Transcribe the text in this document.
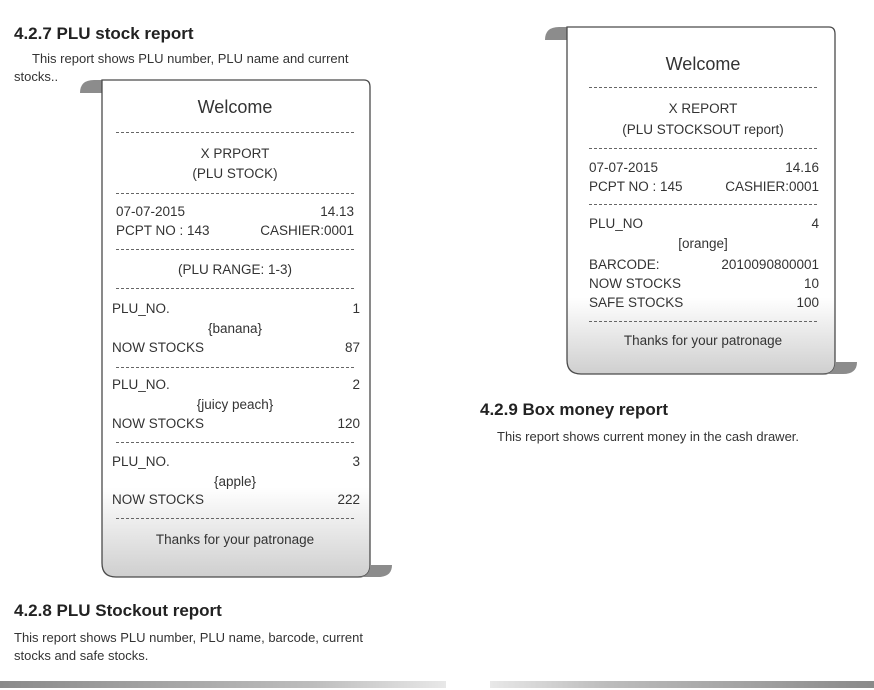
4.2.7 PLU stock report

This report shows PLU number, PLU name and current

stocks..

4.2.8 PLU Stockout report

This report shows PLU number, PLU name, barcode, current

stocks and safe stocks.

4.2.9 Box money report

This report shows current money in the cash drawer.

Welcome
X PRPORT
(PLU STOCK)
07-07-2015	14.13
PCPT NO : 143	CASHIER:0001
(PLU RANGE: 1-3)
PLU_NO.	1
{banana}
NOW STOCKS	87
PLU_NO.	2
{juicy peach}
NOW STOCKS	120
PLU_NO.	3
{apple}
NOW STOCKS	222
Thanks for your patronage
Welcome
X REPORT
(PLU STOCKSOUT report)
07-07-2015	14.16
PCPT NO : 145	CASHIER:0001
PLU_NO	4
[orange]
BARCODE:	2010090800001
NOW STOCKS	10
SAFE STOCKS	100
Thanks for your patronage
